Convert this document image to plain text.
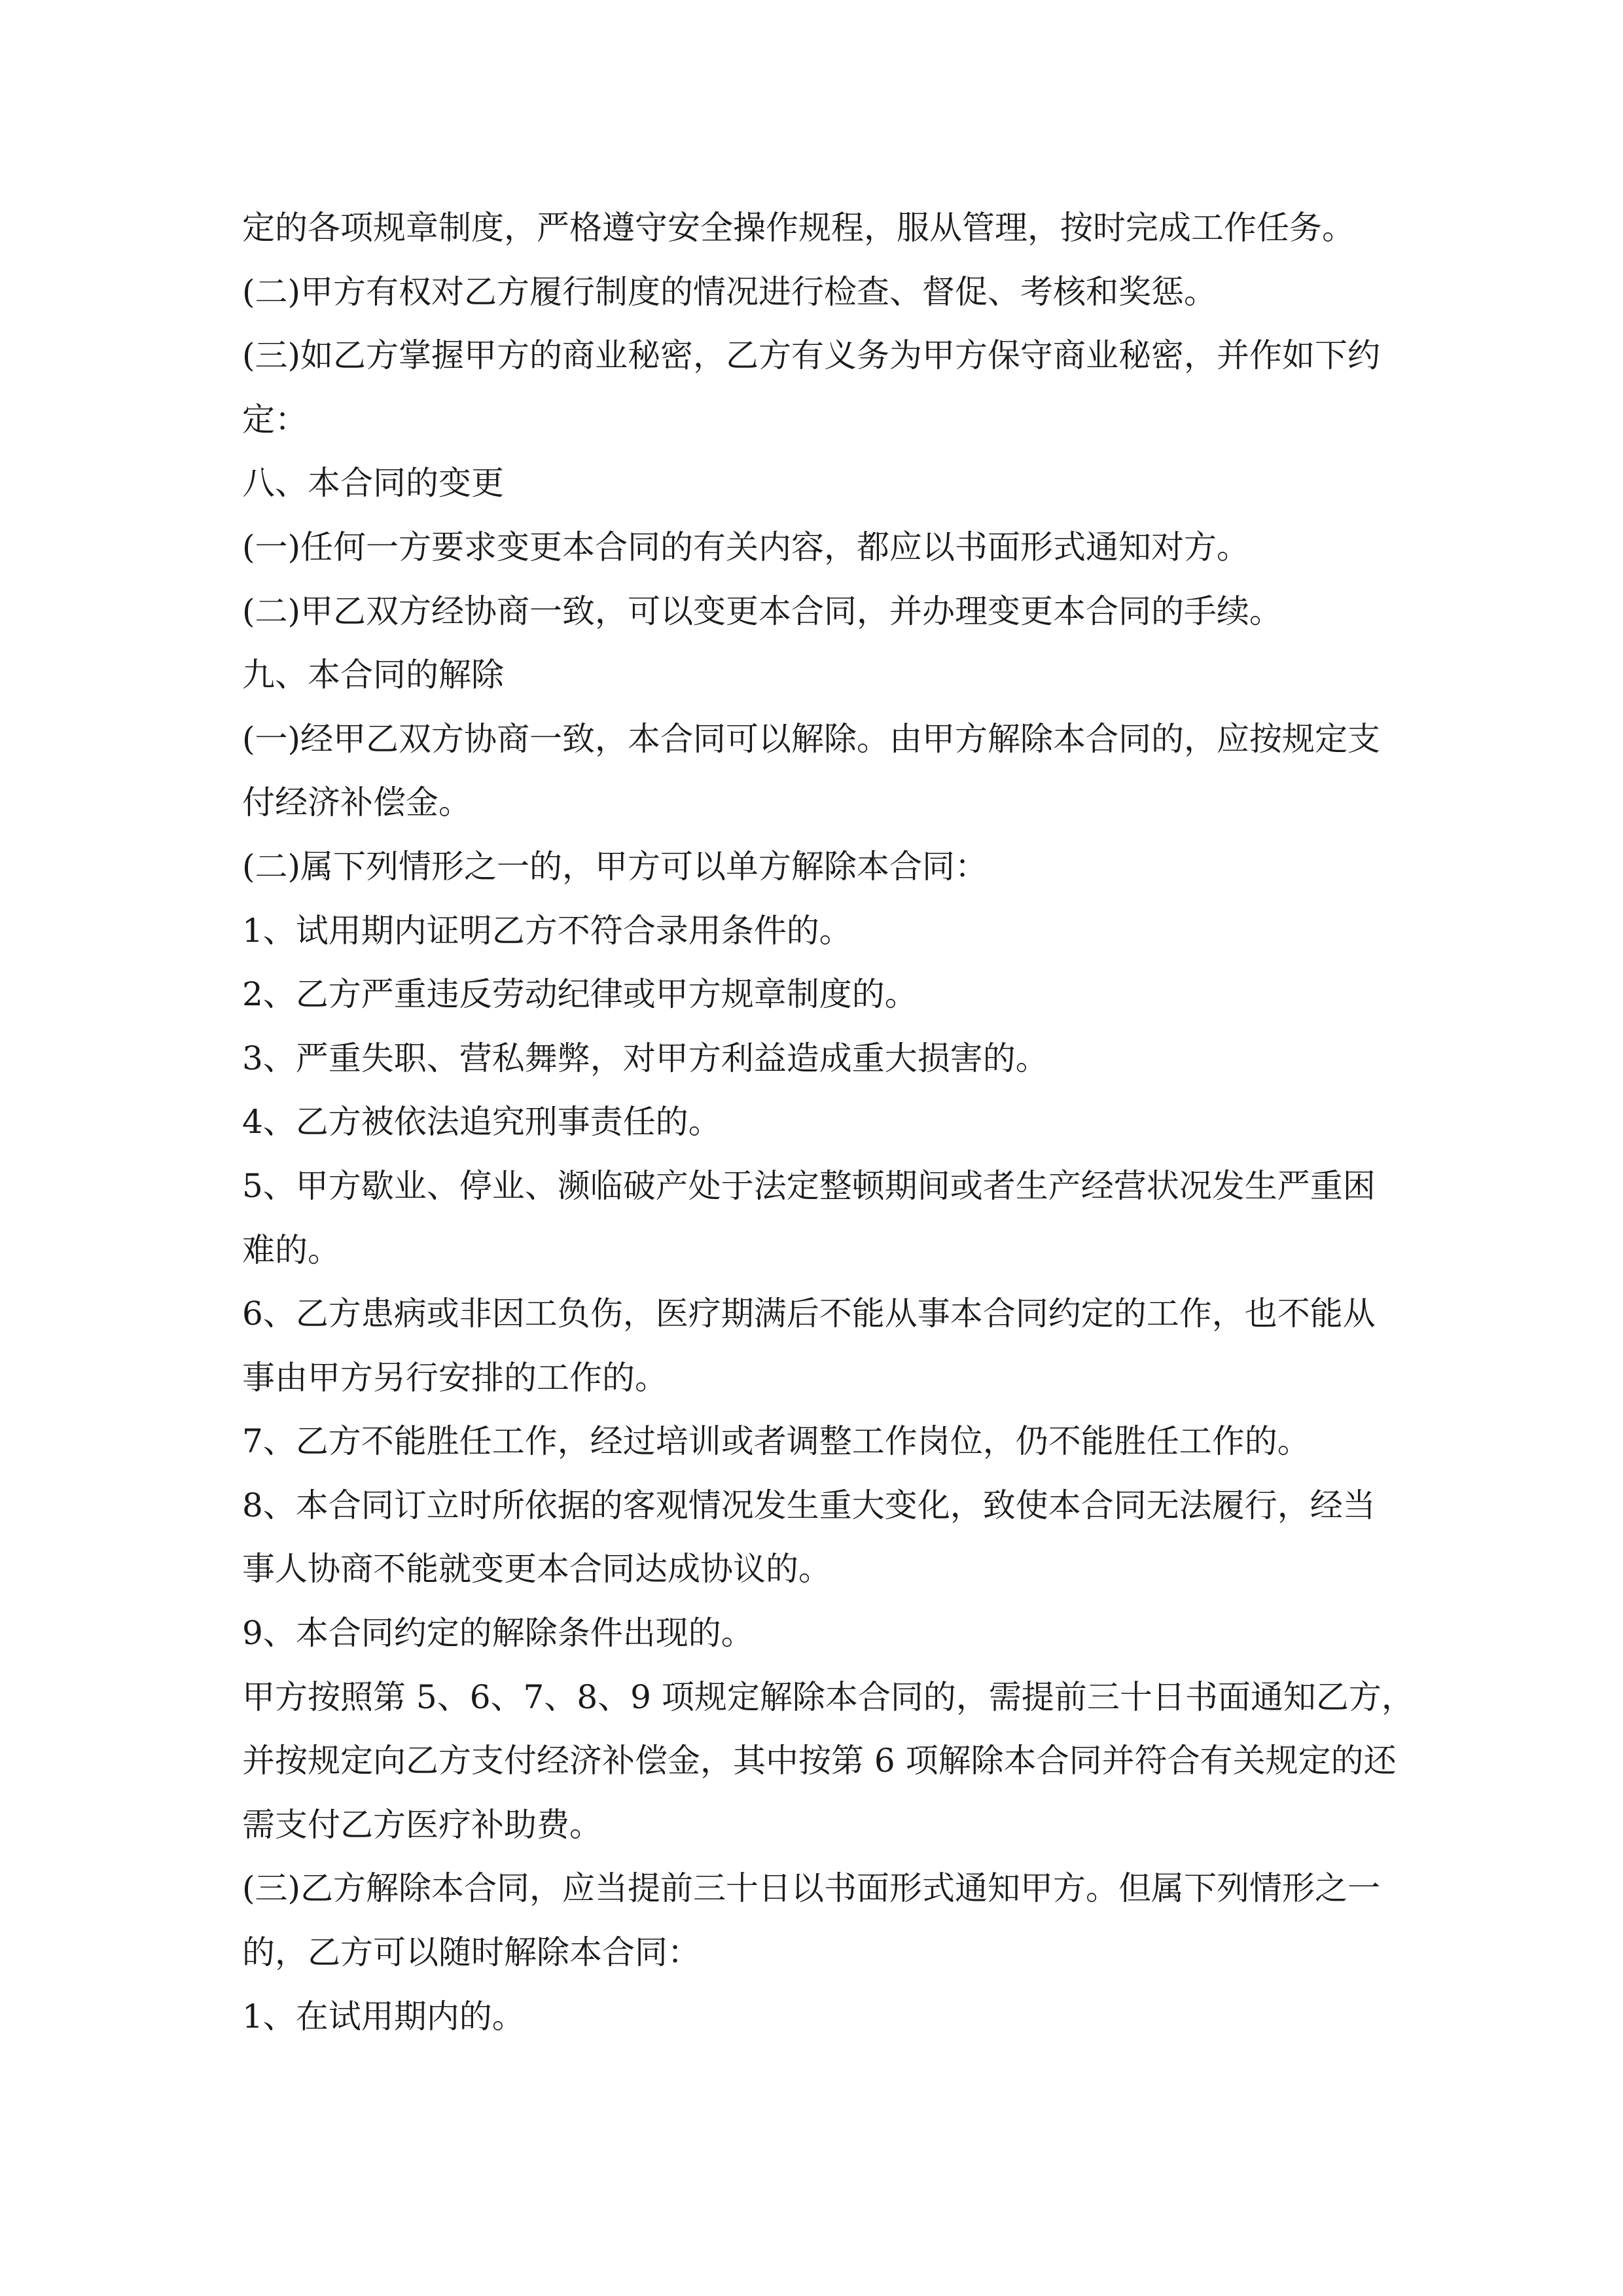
定的各项规章制度，严格遵守安全操作规程，服从管理，按时完成工作任务。
(二)甲方有权对乙方履行制度的情况进行检查、督促、考核和奖惩。
(三)如乙方掌握甲方的商业秘密，乙方有义务为甲方保守商业秘密，并作如下约
定：
八、本合同的变更
(一)任何一方要求变更本合同的有关内容，都应以书面形式通知对方。
(二)甲乙双方经协商一致，可以变更本合同，并办理变更本合同的手续。
九、本合同的解除
(一)经甲乙双方协商一致，本合同可以解除。由甲方解除本合同的，应按规定支
付经济补偿金。
(二)属下列情形之一的，甲方可以单方解除本合同：
1、试用期内证明乙方不符合录用条件的。
2、乙方严重违反劳动纪律或甲方规章制度的。
3、严重失职、营私舞弊，对甲方利益造成重大损害的。
4、乙方被依法追究刑事责任的。
5、甲方歇业、停业、濒临破产处于法定整顿期间或者生产经营状况发生严重困
难的。
6、乙方患病或非因工负伤，医疗期满后不能从事本合同约定的工作，也不能从
事由甲方另行安排的工作的。
7、乙方不能胜任工作，经过培训或者调整工作岗位，仍不能胜任工作的。
8、本合同订立时所依据的客观情况发生重大变化，致使本合同无法履行，经当
事人协商不能就变更本合同达成协议的。
9、本合同约定的解除条件出现的。
甲方按照第 5、6、7、8、9 项规定解除本合同的，需提前三十日书面通知乙方，
并按规定向乙方支付经济补偿金，其中按第 6 项解除本合同并符合有关规定的还
需支付乙方医疗补助费。
(三)乙方解除本合同，应当提前三十日以书面形式通知甲方。但属下列情形之一
的，乙方可以随时解除本合同：
1、在试用期内的。
